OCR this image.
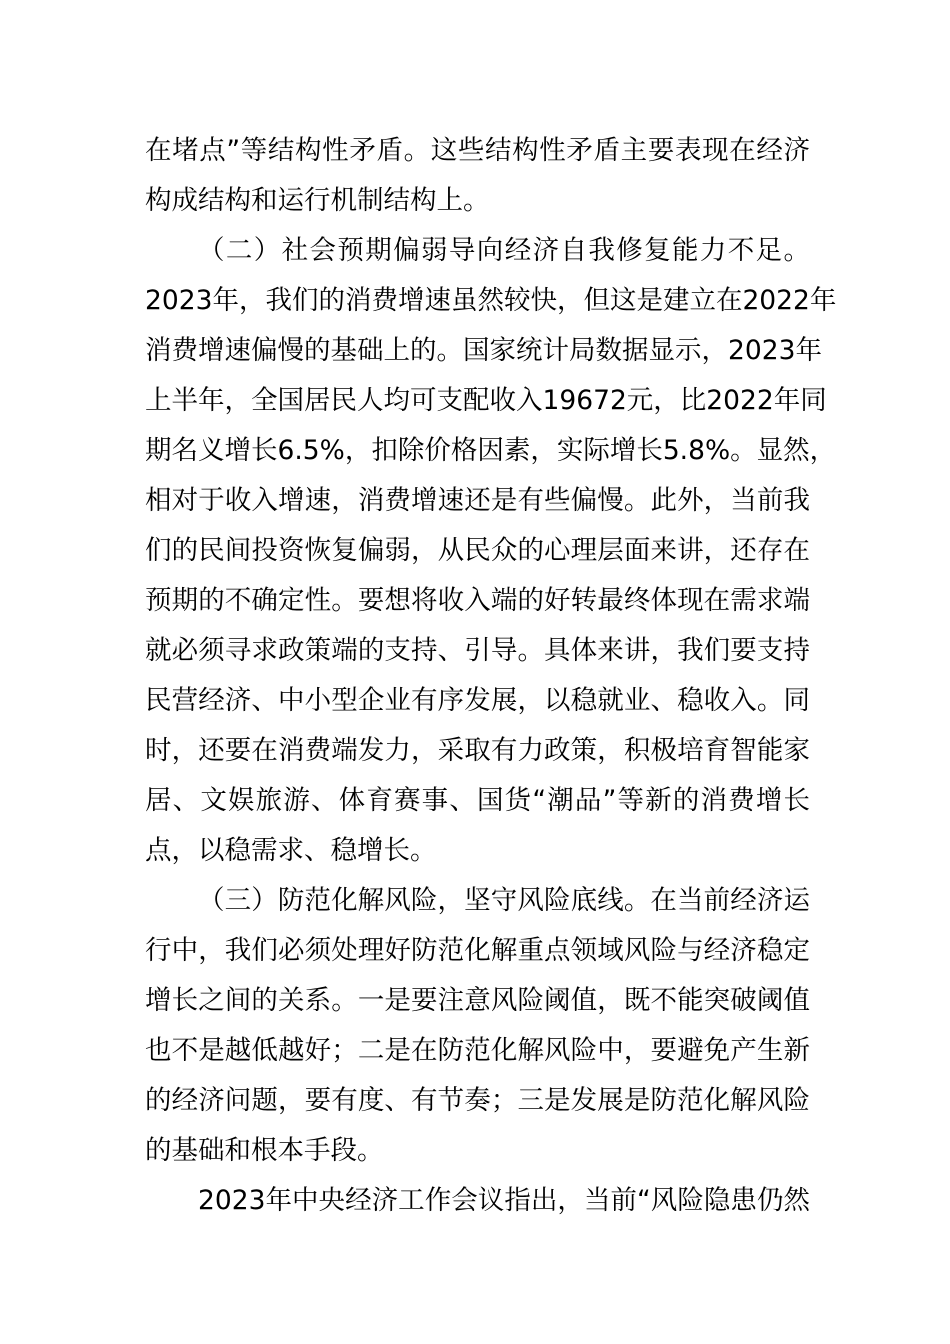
在堵点”等结构性矛盾。这些结构性矛盾主要表现在经济
构成结构和运行机制结构上。
（二）社会预期偏弱导向经济自我修复能力不足。
2023年，我们的消费增速虽然较快，但这是建立在2022年
消费增速偏慢的基础上的。国家统计局数据显示，2023年
上半年，全国居民人均可支配收入19672元，比2022年同
期名义增长6.5%，扣除价格因素，实际增长5.8%。显然，
相对于收入增速，消费增速还是有些偏慢。此外，当前我
们的民间投资恢复偏弱，从民众的心理层面来讲，还存在
预期的不确定性。要想将收入端的好转最终体现在需求端
就必须寻求政策端的支持、引导。具体来讲，我们要支持
民营经济、中小型企业有序发展，以稳就业、稳收入。同
时，还要在消费端发力，采取有力政策，积极培育智能家
居、文娱旅游、体育赛事、国货“潮品”等新的消费增长
点，以稳需求、稳增长。
（三）防范化解风险，坚守风险底线。在当前经济运
行中，我们必须处理好防范化解重点领域风险与经济稳定
增长之间的关系。一是要注意风险阈值，既不能突破阈值
也不是越低越好；二是在防范化解风险中，要避免产生新
的经济问题，要有度、有节奏；三是发展是防范化解风险
的基础和根本手段。
2023年中央经济工作会议指出，当前“风险隐患仍然
